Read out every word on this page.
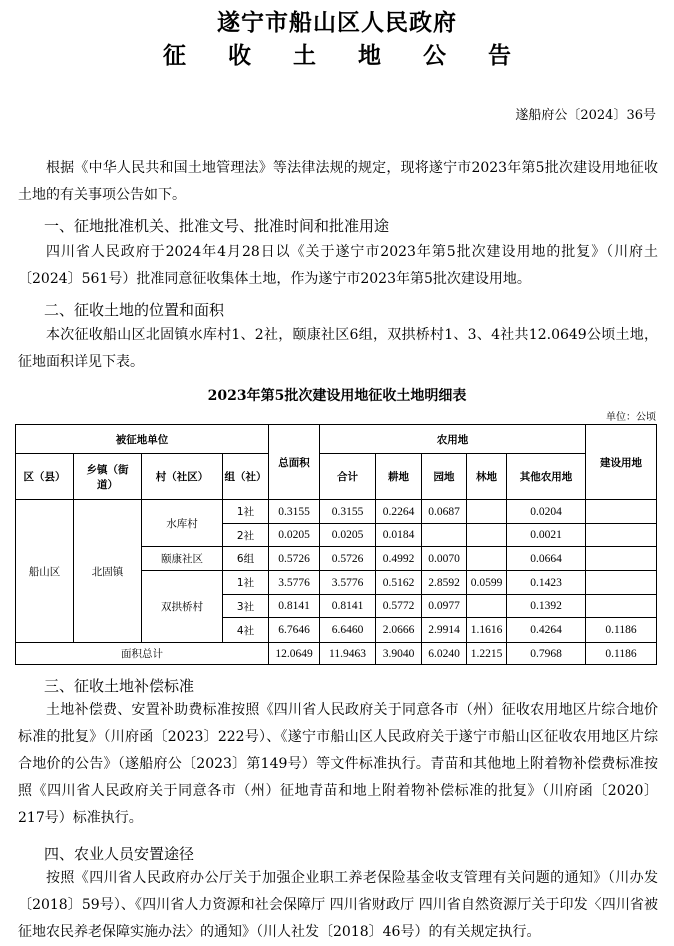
遂宁市船山区人民政府
征 收 土 地 公 告
遂船府公〔2024〕36号
根据《中华人民共和国土地管理法》等法律法规的规定，现将遂宁市2023年第5批次建设用地征收土地的有关事项公告如下。
一、征地批准机关、批准文号、批准时间和批准用途
四川省人民政府于2024年4月28日以《关于遂宁市2023年第5批次建设用地的批复》（川府土〔2024〕561号）批准同意征收集体土地，作为遂宁市2023年第5批次建设用地。
二、征收土地的位置和面积
本次征收船山区北固镇水库村1、2社，颐康社区6组，双拱桥村1、3、4社共12.0649公顷土地，征地面积详见下表。
2023年第5批次建设用地征收土地明细表
单位：公顷
被征地单位				总面积	农用地					建设用地
区（县）	乡镇（街道）	村（社区）	组（社）		合计	耕地	园地	林地	其他农用地	
船山区	北固镇	水库村	1社	0.3155	0.3155	0.2264	0.0687		0.0204	
			2社	0.0205	0.0205	0.0184			0.0021	
		颐康社区	6组	0.5726	0.5726	0.4992	0.0070		0.0664	
		双拱桥村	1社	3.5776	3.5776	0.5162	2.8592	0.0599	0.1423	
			3社	0.8141	0.8141	0.5772	0.0977		0.1392	
			4社	6.7646	6.6460	2.0666	2.9914	1.1616	0.4264	0.1186
面积总计				12.0649	11.9463	3.9040	6.0240	1.2215	0.7968	0.1186
三、征收土地补偿标准
土地补偿费、安置补助费标准按照《四川省人民政府关于同意各市（州）征收农用地区片综合地价标准的批复》（川府函〔2023〕222号）、《遂宁市船山区人民政府关于遂宁市船山区征收农用地区片综合地价的公告》（遂船府公〔2023〕第149号）等文件标准执行。青苗和其他地上附着物补偿费标准按照《四川省人民政府关于同意各市（州）征地青苗和地上附着物补偿标准的批复》（川府函〔2020〕217号）标准执行。
四、农业人员安置途径
按照《四川省人民政府办公厅关于加强企业职工养老保险基金收支管理有关问题的通知》（川办发〔2018〕59号）、《四川省人力资源和社会保障厅 四川省财政厅 四川省自然资源厅关于印发〈四川省被征地农民养老保障实施办法〉的通知》（川人社发〔2018〕46号）的有关规定执行。
